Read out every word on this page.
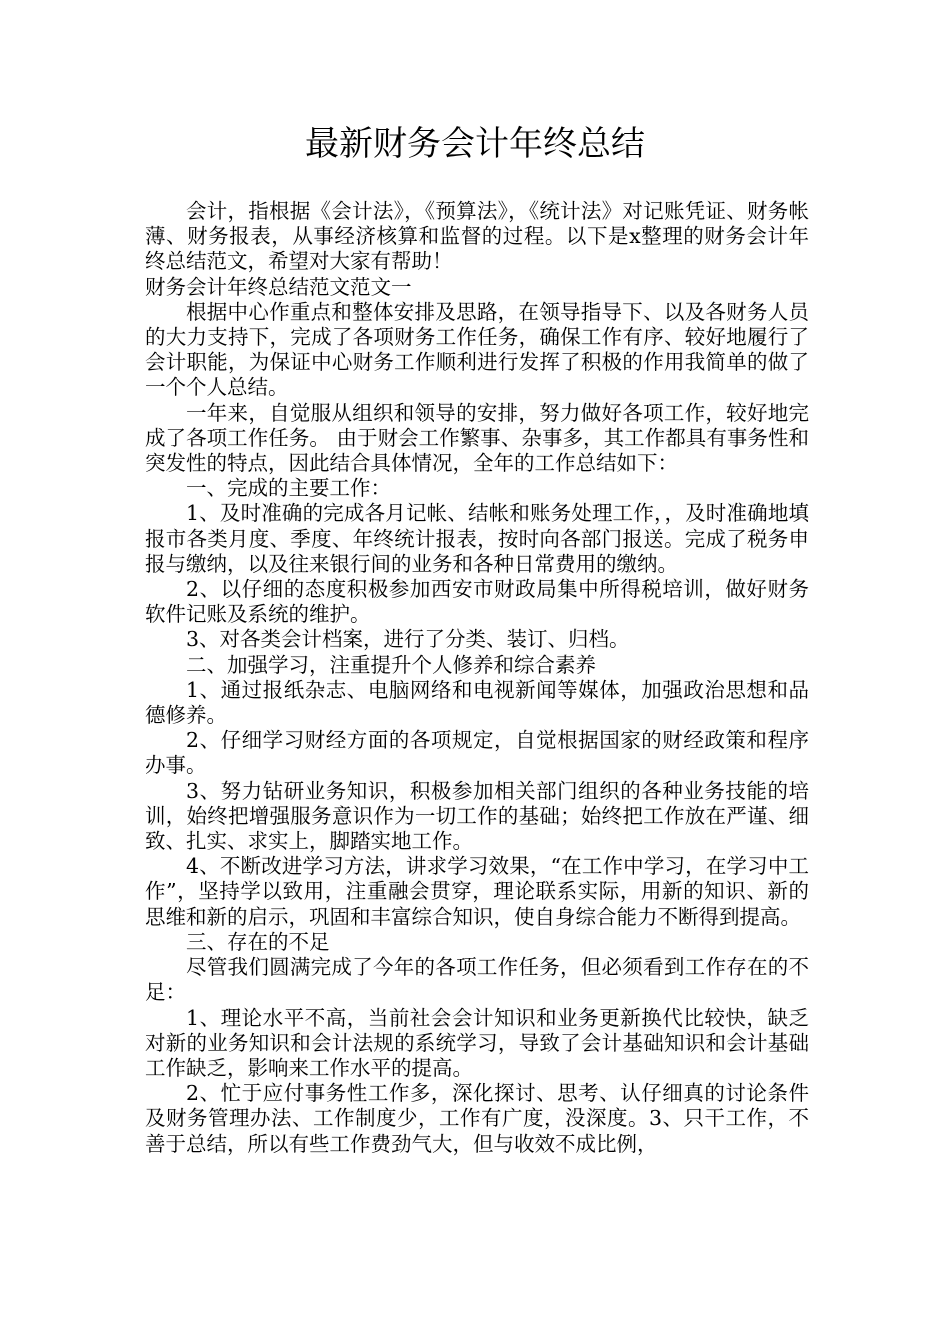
最新财务会计年终总结

会计，指根据《会计法》，《预算法》，《统计法》对记账凭证、财务帐薄、财务报表，从事经济核算和监督的过程。以下是x整理的财务会计年终总结范文，希望对大家有帮助！

财务会计年终总结范文范文一

根据中心作重点和整体安排及思路，在领导指导下、以及各财务人员的大力支持下，完成了各项财务工作任务，确保工作有序、较好地履行了会计职能，为保证中心财务工作顺利进行发挥了积极的作用我简单的做了一个个人总结。

一年来，自觉服从组织和领导的安排，努力做好各项工作，较好地完成了各项工作任务。 由于财会工作繁事、杂事多，其工作都具有事务性和突发性的特点，因此结合具体情况，全年的工作总结如下：

一、完成的主要工作：

1、及时准确的完成各月记帐、结帐和账务处理工作，，及时准确地填报市各类月度、季度、年终统计报表，按时向各部门报送。完成了税务申报与缴纳，以及往来银行间的业务和各种日常费用的缴纳。

2、以仔细的态度积极参加西安市财政局集中所得税培训，做好财务软件记账及系统的维护。

3、对各类会计档案，进行了分类、装订、归档。

二、加强学习，注重提升个人修养和综合素养

1、通过报纸杂志、电脑网络和电视新闻等媒体，加强政治思想和品德修养。

2、仔细学习财经方面的各项规定，自觉根据国家的财经政策和程序办事。

3、努力钻研业务知识，积极参加相关部门组织的各种业务技能的培训，始终把增强服务意识作为一切工作的基础；始终把工作放在严谨、细致、扎实、求实上，脚踏实地工作。

4、不断改进学习方法，讲求学习效果，“在工作中学习，在学习中工作”，坚持学以致用，注重融会贯穿，理论联系实际，用新的知识、新的思维和新的启示，巩固和丰富综合知识，使自身综合能力不断得到提高。

三、存在的不足

尽管我们圆满完成了今年的各项工作任务，但必须看到工作存在的不足：

1、理论水平不高，当前社会会计知识和业务更新换代比较快，缺乏对新的业务知识和会计法规的系统学习，导致了会计基础知识和会计基础工作缺乏，影响来工作水平的提高。

2、忙于应付事务性工作多，深化探讨、思考、认仔细真的讨论条件及财务管理办法、工作制度少，工作有广度，没深度。3、只干工作，不善于总结，所以有些工作费劲气大，但与收效不成比例，
